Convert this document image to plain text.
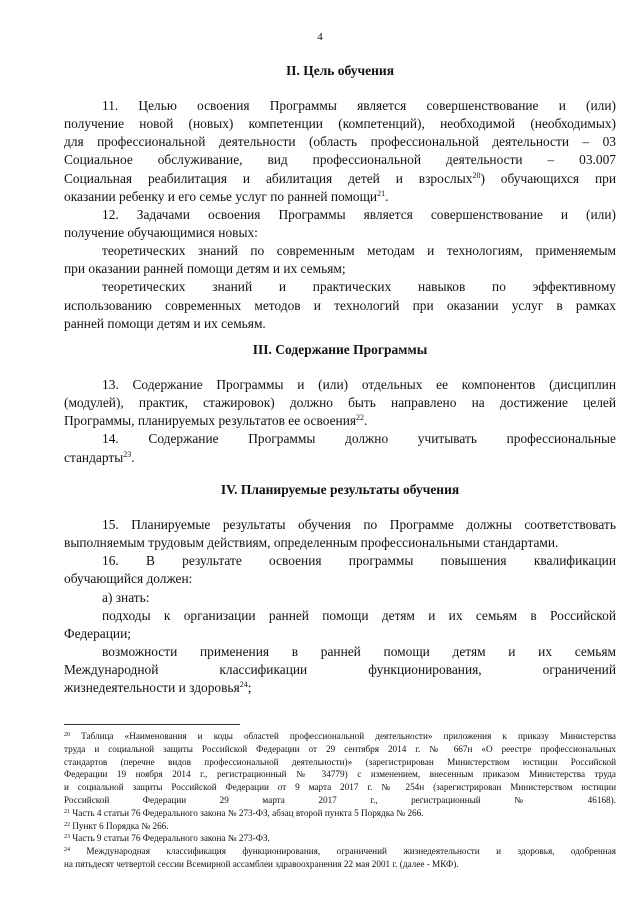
4
II. Цель обучения
11. Целью освоения Программы является совершенствование и (или)
получение новой (новых) компетенции (компетенций), необходимой (необходимых)
для профессиональной деятельности (область профессиональной деятельности – 03
Социальное обслуживание, вид профессиональной деятельности – 03.007
Социальная реабилитация и абилитация детей и взрослых$^{20}$) обучающихся при
оказании ребенку и его семье услуг по ранней помощи$^{21}$.
12. Задачами освоения Программы является совершенствование и (или)
получение обучающимися новых:
теоретических знаний по современным методам и технологиям, применяемым
при оказании ранней помощи детям и их семьям;
теоретических знаний и практических навыков по эффективному
использованию современных методов и технологий при оказании услуг в рамках
ранней помощи детям и их семьям.
III. Содержание Программы
13. Содержание Программы и (или) отдельных ее компонентов (дисциплин
(модулей), практик, стажировок) должно быть направлено на достижение целей
Программы, планируемых результатов ее освоения$^{22}$.
14. Содержание Программы должно учитывать профессиональные
стандарты$^{23}$.
IV. Планируемые результаты обучения
15. Планируемые результаты обучения по Программе должны соответствовать
выполняемым трудовым действиям, определенным профессиональными стандартами.
16. В результате освоения программы повышения квалификации
обучающийся должен:
а) знать:
подходы к организации ранней помощи детям и их семьям в Российской
Федерации;
возможности применения в ранней помощи детям и их семьям
Международной классификации функционирования, ограничений
жизнедеятельности и здоровья$^{24}$;
$^{20}$ Таблица «Наименования и коды областей профессиональной деятельности» приложения к приказу Министерства
труда и социальной защиты Российской Федерации от 29 сентября 2014 г. № 667н «О реестре профессиональных
стандартов (перечне видов профессиональной деятельности)» (зарегистрирован Министерством юстиции Российской
Федерации 19 ноября 2014 г., регистрационный № 34779) с изменением, внесенным приказом Министерства труда
и социальной защиты Российской Федерации от 9 марта 2017 г. № 254н (зарегистрирован Министерством юстиции
Российской Федерации 29 марта 2017 г., регистрационный № 46168).
$^{21}$ Часть 4 статьи 76 Федерального закона № 273-ФЗ, абзац второй пункта 5 Порядка № 266.
$^{22}$ Пункт 6 Порядка № 266.
$^{23}$ Часть 9 статьи 76 Федерального закона № 273-ФЗ.
$^{24}$ Международная классификация функционирования, ограничений жизнедеятельности и здоровья, одобренная
на пятьдесят четвертой сессии Всемирной ассамблеи здравоохранения 22 мая 2001 г. (далее - МКФ).
